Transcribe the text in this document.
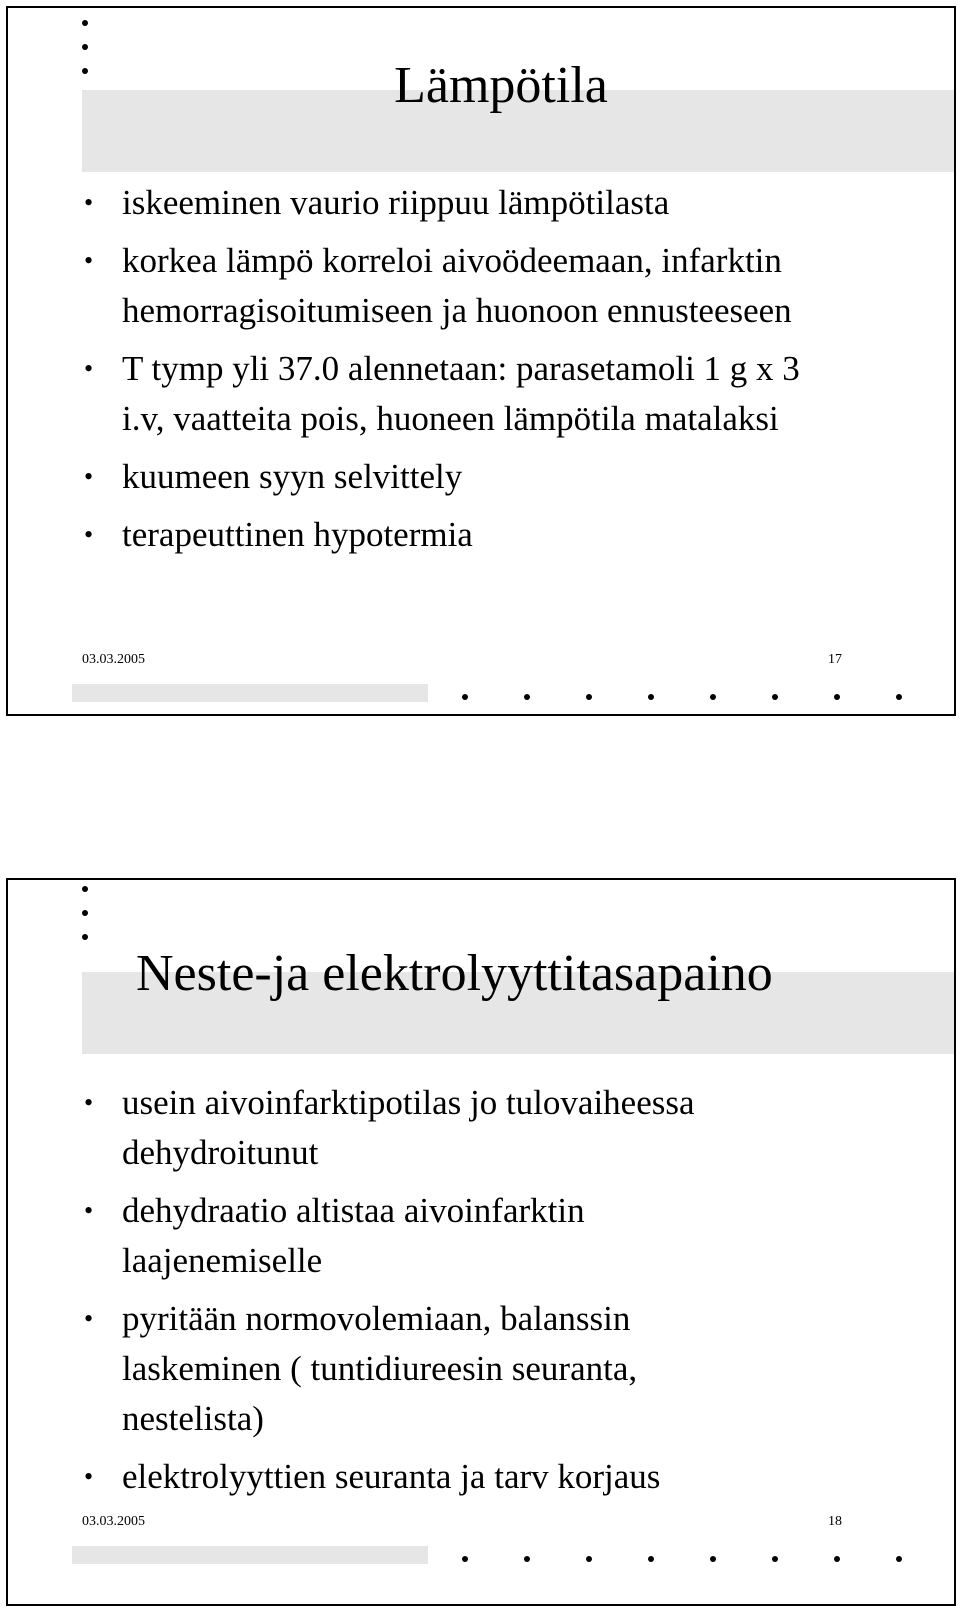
Lämpötila
• iskeeminen vaurio riippuu lämpötilasta
• korkea lämpö korreloi aivoödeemaan, infarktin hemorragisoitumiseen ja huonoon ennusteeseen
• T tymp yli 37.0 alennetaan: parasetamoli 1 g x 3 i.v, vaatteita pois, huoneen lämpötila matalaksi
• kuumeen syyn selvittely
• terapeuttinen hypotermia
03.03.2005	17
Neste-ja elektrolyyttitasapaino
• usein aivoinfarktipotilas jo tulovaiheessa dehydroitunut
• dehydraatio altistaa aivoinfarktin laajenemiselle
• pyritään normovolemiaan, balanssin laskeminen ( tuntidiureesin seuranta, nestelista)
• elektrolyyttien seuranta ja tarv korjaus
03.03.2005	18
